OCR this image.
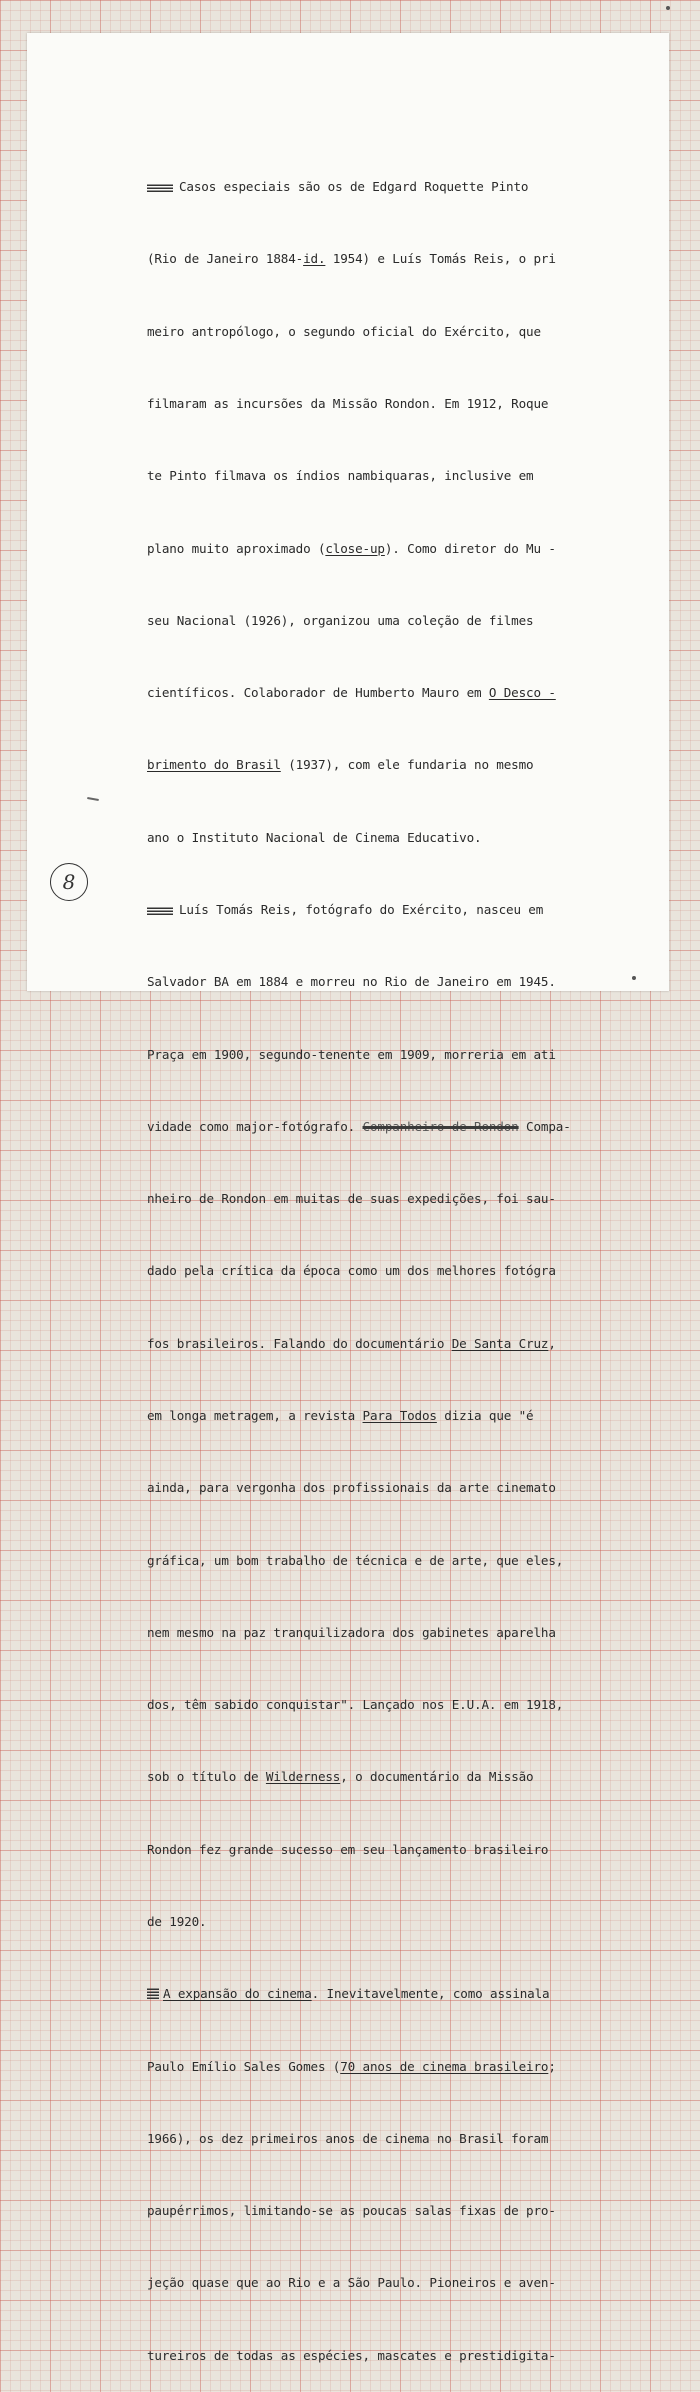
Casos especiais são os de Edgard Roquette Pinto

(Rio de Janeiro 1884-id. 1954) e Luís Tomás Reis, o pri

meiro antropólogo, o segundo oficial do Exército, que

filmaram as incursões da Missão Rondon. Em 1912, Roque

te Pinto filmava os índios nambiquaras, inclusive em

plano muito aproximado (close-up). Como diretor do Mu -

seu Nacional (1926), organizou uma coleção de filmes

científicos. Colaborador de Humberto Mauro em O Desco -

brimento do Brasil (1937), com ele fundaria no mesmo

ano o Instituto Nacional de Cinema Educativo.

Luís Tomás Reis, fotógrafo do Exército, nasceu em

Salvador BA em 1884 e morreu no Rio de Janeiro em 1945.

Praça em 1900, segundo-tenente em 1909, morreria em ati

vidade como major-fotógrafo. Companheiro de Rondon Compa-

nheiro de Rondon em muitas de suas expedições, foi sau-

dado pela crítica da época como um dos melhores fotógra

fos brasileiros. Falando do documentário De Santa Cruz,

em longa metragem, a revista Para Todos dizia que "é

ainda, para vergonha dos profissionais da arte cinemato

gráfica, um bom trabalho de técnica e de arte, que eles,

nem mesmo na paz tranquilizadora dos gabinetes aparelha

dos, têm sabido conquistar". Lançado nos E.U.A. em 1918,

sob o título de Wilderness, o documentário da Missão

Rondon fez grande sucesso em seu lançamento brasileiro

de 1920.

A expansão do cinema. Inevitavelmente, como assinala

Paulo Emílio Sales Gomes (70 anos de cinema brasileiro;

1966), os dez primeiros anos de cinema no Brasil foram

paupérrimos, limitando-se as poucas salas fixas de pro-

jeção quase que ao Rio e a São Paulo. Pioneiros e aven-

tureiros de todas as espécies, mascates e prestidigita-

8
